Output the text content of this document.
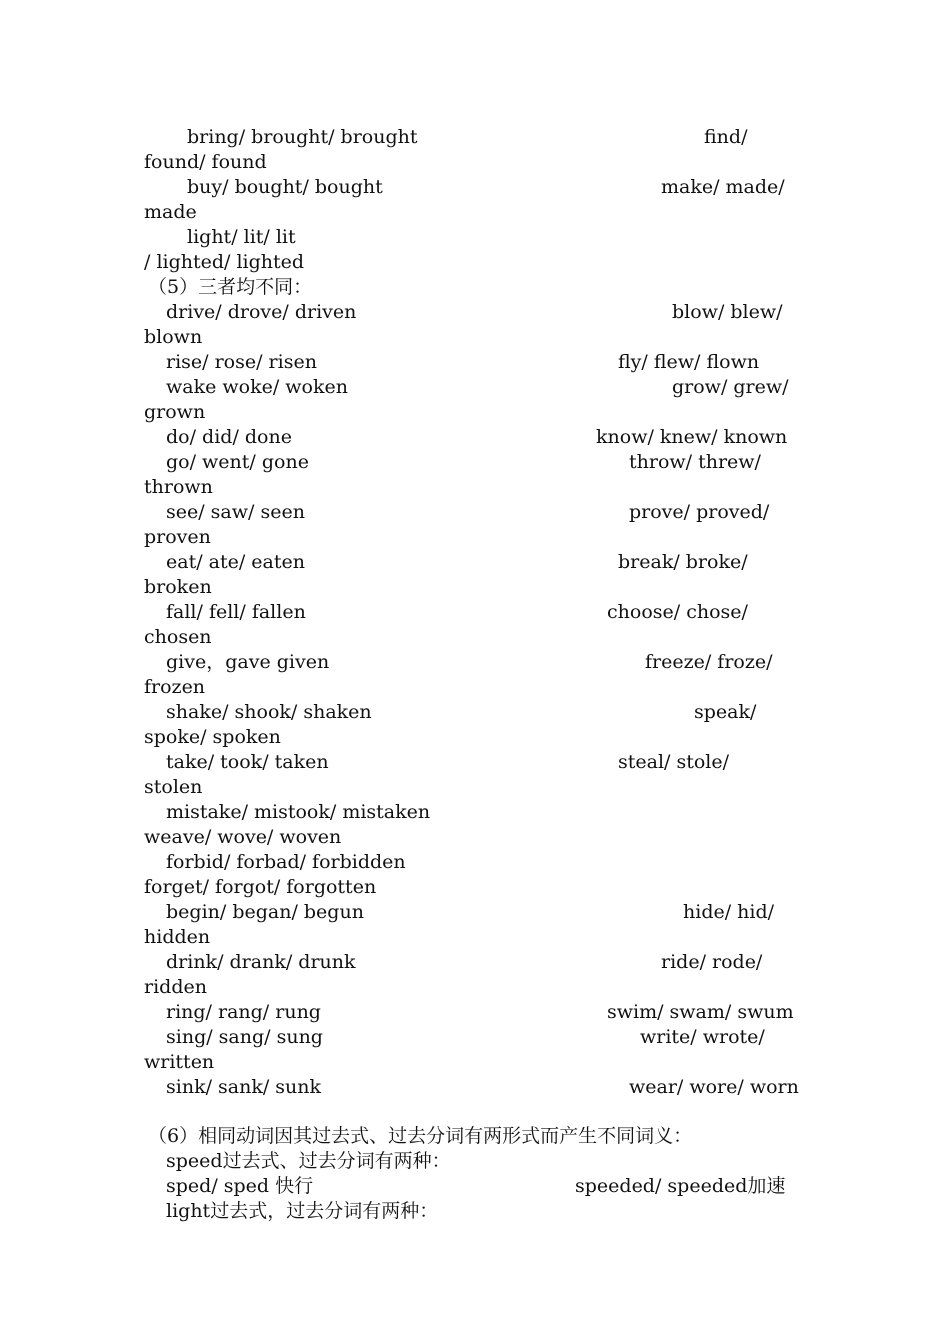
bring/ brought/ brought	find/
found/ found
buy/ bought/ bought	make/ made/
made
light/ lit/ lit
/ lighted/ lighted
（5）三者均不同：
drive/ drove/ driven	blow/ blew/
blown
rise/ rose/ risen	fly/ flew/ flown
wake woke/ woken	grow/ grew/
grown
do/ did/ done	know/ knew/ known
go/ went/ gone	throw/ threw/
thrown
see/ saw/ seen	prove/ proved/
proven
eat/ ate/ eaten	break/ broke/
broken
fall/ fell/ fallen	choose/ chose/
chosen
give，gave given	freeze/ froze/
frozen
shake/ shook/ shaken	speak/
spoke/ spoken
take/ took/ taken	steal/ stole/
stolen
mistake/ mistook/ mistaken
weave/ wove/ woven
forbid/ forbad/ forbidden
forget/ forgot/ forgotten
begin/ began/ begun	hide/ hid/
hidden
drink/ drank/ drunk	ride/ rode/
ridden
ring/ rang/ rung	swim/ swam/ swum
sing/ sang/ sung	write/ wrote/
written
sink/ sank/ sunk	wear/ wore/ worn
（6）相同动词因其过去式、过去分词有两形式而产生不同词义：
speed过去式、过去分词有两种：
sped/ sped 快行	speeded/ speeded加速
light过去式，过去分词有两种：
